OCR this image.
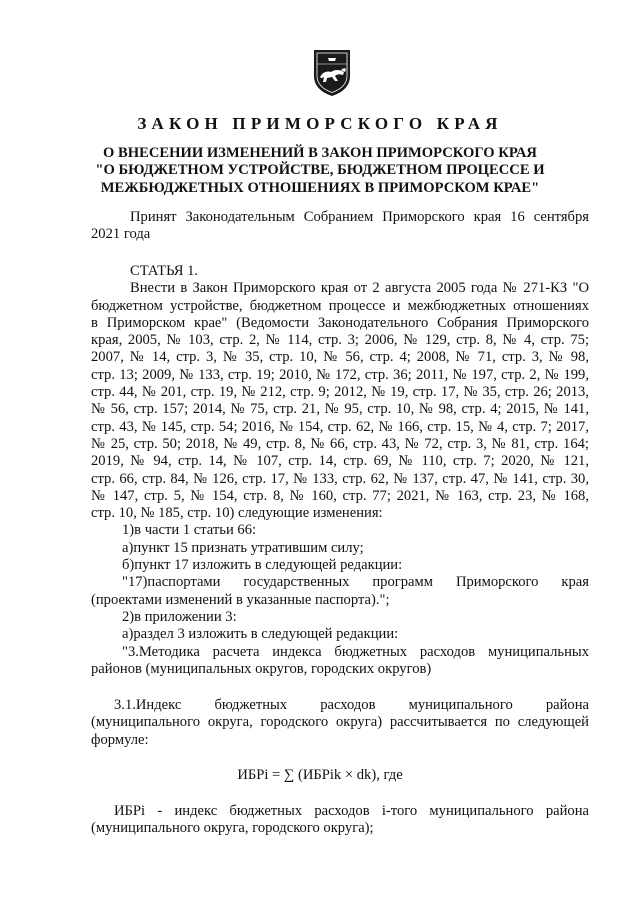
ЗАКОН ПРИМОРСКОГО КРАЯ
О ВНЕСЕНИИ ИЗМЕНЕНИЙ В ЗАКОН ПРИМОРСКОГО КРАЯ
"О БЮДЖЕТНОМ УСТРОЙСТВЕ, БЮДЖЕТНОМ ПРОЦЕССЕ И
МЕЖБЮДЖЕТНЫХ ОТНОШЕНИЯХ В ПРИМОРСКОМ КРАЕ"
Принят Законодательным Собранием Приморского края 16 сентября
2021 года
СТАТЬЯ 1.
Внести в Закон Приморского края от 2 августа 2005 года № 271-КЗ "О
бюджетном устройстве, бюджетном процессе и межбюджетных отношениях
в Приморском крае" (Ведомости Законодательного Собрания Приморского
края, 2005, № 103, стр. 2, № 114, стр. 3; 2006, № 129, стр. 8, № 4, стр. 75;
2007, № 14, стр. 3, № 35, стр. 10, № 56, стр. 4; 2008, № 71, стр. 3, № 98,
стр. 13; 2009, № 133, стр. 19; 2010, № 172, стр. 36; 2011, № 197, стр. 2, № 199,
стр. 44, № 201, стр. 19, № 212, стр. 9; 2012, № 19, стр. 17, № 35, стр. 26; 2013,
№ 56, стр. 157; 2014, № 75, стр. 21, № 95, стр. 10, № 98, стр. 4; 2015, № 141,
стр. 43, № 145, стр. 54; 2016, № 154, стр. 62, № 166, стр. 15, № 4, стр. 7; 2017,
№ 25, стр. 50; 2018, № 49, стр. 8, № 66, стр. 43, № 72, стр. 3, № 81, стр. 164;
2019, № 94, стр. 14, № 107, стр. 14, стр. 69, № 110, стр. 7; 2020, № 121,
стр. 66, стр. 84, № 126, стр. 17, № 133, стр. 62, № 137, стр. 47, № 141, стр. 30,
№ 147, стр. 5, № 154, стр. 8, № 160, стр. 77; 2021, № 163, стр. 23, № 168,
стр. 10, № 185, стр. 10) следующие изменения:
1)в части 1 статьи 66:
а)пункт 15 признать утратившим силу;
б)пункт 17 изложить в следующей редакции:
"17)паспортами государственных программ Приморского края
(проектами изменений в указанные паспорта).";
2)в приложении 3:
а)раздел 3 изложить в следующей редакции:
"3.Методика расчета индекса бюджетных расходов муниципальных
районов (муниципальных округов, городских округов)
3.1.Индекс бюджетных расходов муниципального района
(муниципального округа, городского округа) рассчитывается по следующей
формуле:
ИБРi = ∑ (ИБРik × dk), где
ИБРi - индекс бюджетных расходов i-того муниципального района
(муниципального округа, городского округа);
